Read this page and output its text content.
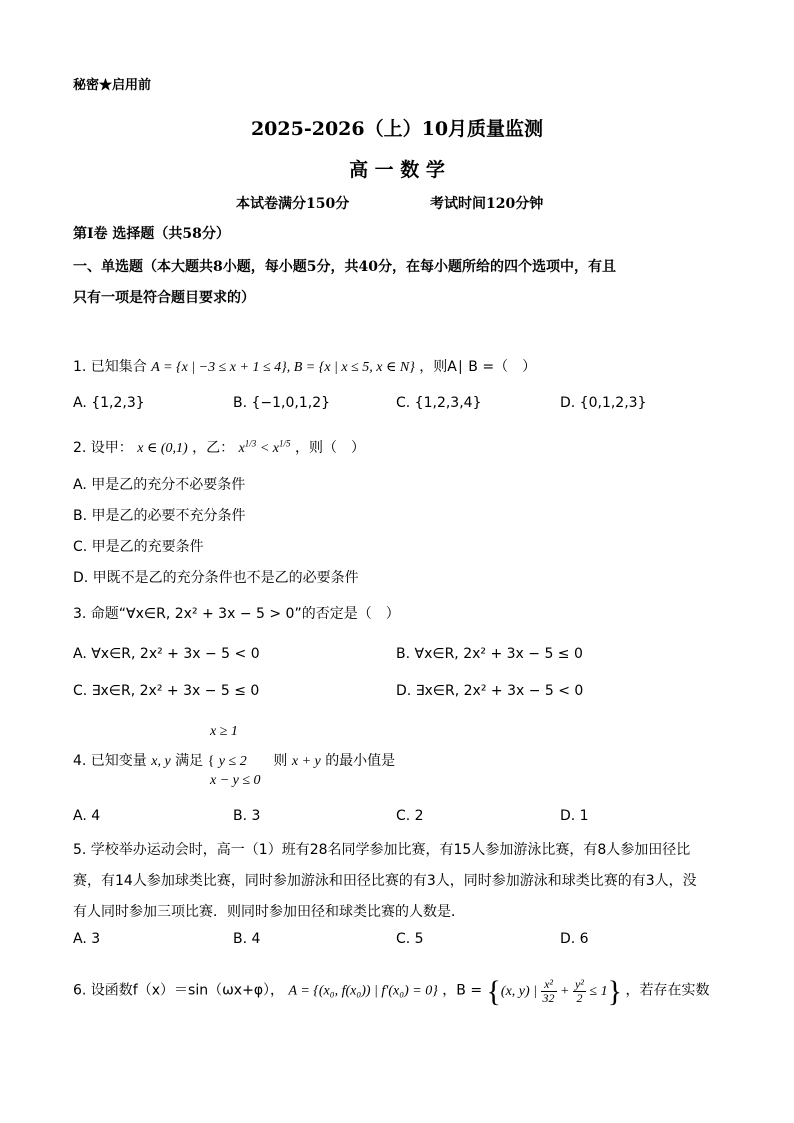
秘密★启用前
2025-2026（上）10月质量监测
高 一 数 学
本试卷满分150分	考试时间120分钟
第Ⅰ卷 选择题（共58分）
一、单选题（本大题共8小题，每小题5分，共40分，在每小题所给的四个选项中，有且
只有一项是符合题目要求的）
1. 已知集合 A = {x | −3 ≤ x + 1 ≤ 4}, B = {x | x ≤ 5, x ∈ N} ，则A∣ B =（　）
A. {1,2,3}	B. {−1,0,1,2}	C. {1,2,3,4}	D. {0,1,2,3}
2. 设甲： x ∈ (0,1) ，乙： $x^{1/3} < x^{1/5}$ ，则（　）
A. 甲是乙的充分不必要条件
B. 甲是乙的必要不充分条件
C. 甲是乙的充要条件
D. 甲既不是乙的充分条件也不是乙的必要条件
3. 命题“∀x∈R, 2x² + 3x − 5 > 0”的否定是（　）
A. ∀x∈R, 2x² + 3x − 5 < 0	B. ∀x∈R, 2x² + 3x − 5 ≤ 0
C. ∃x∈R, 2x² + 3x − 5 ≤ 0	D. ∃x∈R, 2x² + 3x − 5 < 0
x ≥ 1
4. 已知变量 x, y 满足 { y ≤ 2 则 x + y 的最小值是
x − y ≤ 0
A. 4	B. 3	C. 2	D. 1
5. 学校举办运动会时，高一（1）班有28名同学参加比赛，有15人参加游泳比赛，有8人参加田径比
赛，有14人参加球类比赛，同时参加游泳和田径比赛的有3人，同时参加游泳和球类比赛的有3人，没
有人同时参加三项比赛．则同时参加田径和球类比赛的人数是．
A. 3	B. 4	C. 5	D. 6
6. 设函数f（x）＝sin（ωx+φ）， A = {(x₀, f(x₀)) | f′(x₀) = 0} ，B = {(x, y) | $\frac{\text{x²}}{32} + \frac{\text{y²}}{2} \le 1$} ，若存在实数
